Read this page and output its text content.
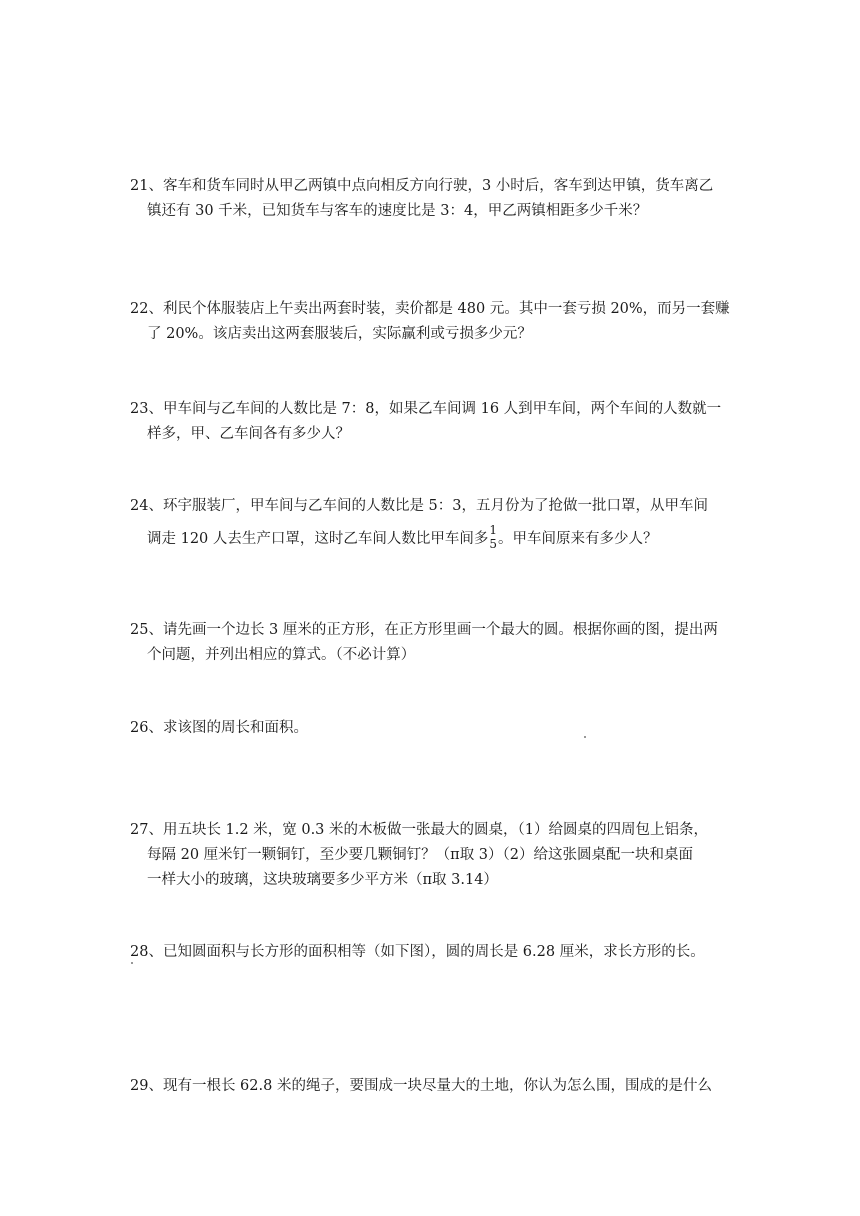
21、客车和货车同时从甲乙两镇中点向相反方向行驶，3 小时后，客车到达甲镇，货车离乙
镇还有 30 千米，已知货车与客车的速度比是 3：4，甲乙两镇相距多少千米？
22、利民个体服装店上午卖出两套时装，卖价都是 480 元。其中一套亏损 20%，而另一套赚
了 20%。该店卖出这两套服装后，实际赢利或亏损多少元？
23、甲车间与乙车间的人数比是 7：8，如果乙车间调 16 人到甲车间，两个车间的人数就一
样多，甲、乙车间各有多少人？
24、环宇服装厂，甲车间与乙车间的人数比是 5：3，五月份为了抢做一批口罩，从甲车间
调走 120 人去生产口罩，这时乙车间人数比甲车间多
1
5 。甲车间原来有多少人？
25、请先画一个边长 3 厘米的正方形，在正方形里画一个最大的圆。根据你画的图，提出两
个问题，并列出相应的算式。（不必计算）
26、求该图的周长和面积。
27、用五块长 1.2 米，宽 0.3 米的木板做一张最大的圆桌，（1）给圆桌的四周包上铝条，
每隔 20 厘米钉一颗铜钉，至少要几颗铜钉？（π取 3）（2）给这张圆桌配一块和桌面
一样大小的玻璃，这块玻璃要多少平方米（π取 3.14）
28、已知圆面积与长方形的面积相等（如下图），圆的周长是 6.28 厘米，求长方形的长。
29、现有一根长 62.8 米的绳子，要围成一块尽量大的土地，你认为怎么围，围成的是什么
